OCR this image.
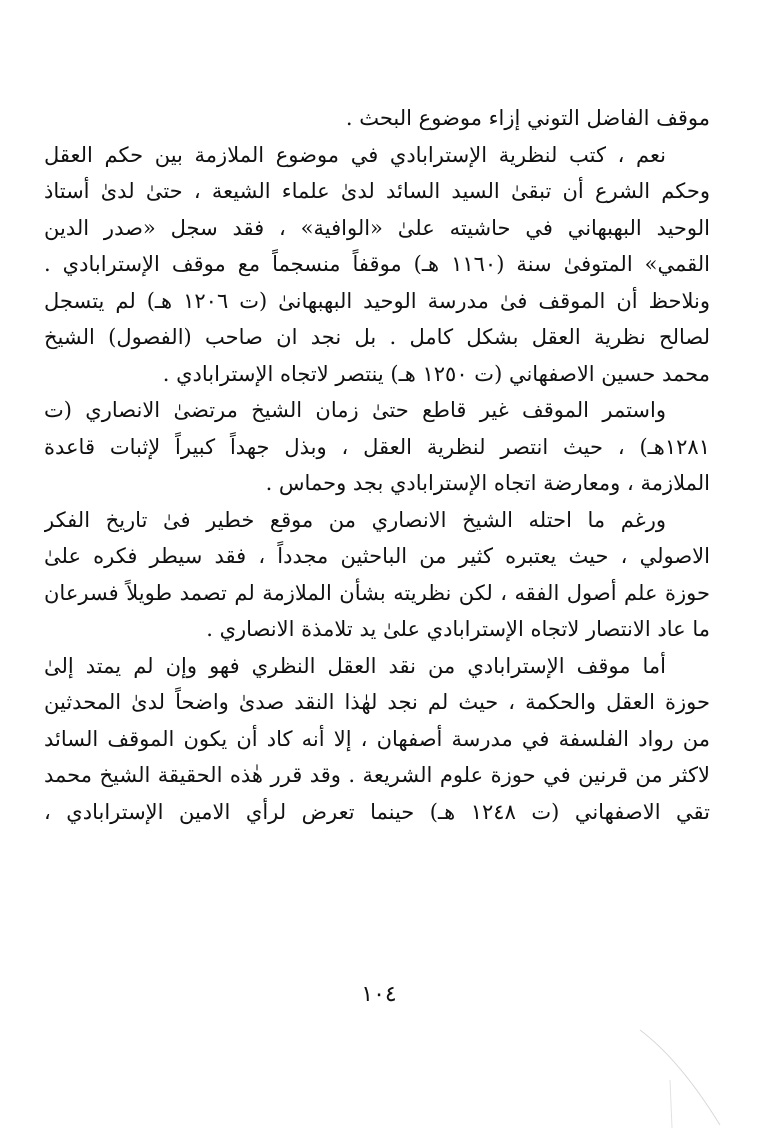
موقف الفاضل التوني إزاء موضوع البحث .
نعم ، كتب لنظرية الإسترابادي في موضوع الملازمة بين حكم العقل
وحكم الشرع أن تبقىٰ السيد السائد لدىٰ علماء الشيعة ، حتىٰ لدىٰ أستاذ
الوحيد البهبهاني في حاشيته علىٰ «الوافية» ، فقد سجل «صدر الدين
القمي» المتوفىٰ سنة (١١٦٠ هـ) موقفاً منسجماً مع موقف الإسترابادي .
ونلاحظ أن الموقف فىٰ مدرسة الوحيد البهبهانىٰ (ت ١٢٠٦ هـ) لم يتسجل
لصالح نظرية العقل بشكل كامل . بل نجد ان صاحب (الفصول) الشيخ
محمد حسين الاصفهاني (ت ١٢٥٠ هـ) ينتصر لاتجاه الإسترابادي .
واستمر الموقف غير قاطع حتىٰ زمان الشيخ مرتضىٰ الانصاري (ت
١٢٨١هـ) ، حيث انتصر لنظرية العقل ، وبذل جهداً كبيراً لإثبات قاعدة
الملازمة ، ومعارضة اتجاه الإسترابادي بجد وحماس .
ورغم ما احتله الشيخ الانصاري من موقع خطير فىٰ تاريخ الفكر
الاصولي ، حيث يعتبره كثير من الباحثين مجدداً ، فقد سيطر فكره علىٰ
حوزة علم أصول الفقه ، لكن نظريته بشأن الملازمة لم تصمد طويلاً فسرعان
ما عاد الانتصار لاتجاه الإسترابادي علىٰ يد تلامذة الانصاري .
أما موقف الإسترابادي من نقد العقل النظري فهو وإن لم يمتد إلىٰ
حوزة العقل والحكمة ، حيث لم نجد لهٰذا النقد صدىٰ واضحاً لدىٰ المحدثين
من رواد الفلسفة في مدرسة أصفهان ، إلا أنه كاد أن يكون الموقف السائد
لاكثر من قرنين في حوزة علوم الشريعة . وقد قرر هٰذه الحقيقة الشيخ محمد
تقي الاصفهاني (ت ١٢٤٨ هـ) حينما تعرض لرأي الامين الإسترابادي ،
١٠٤
